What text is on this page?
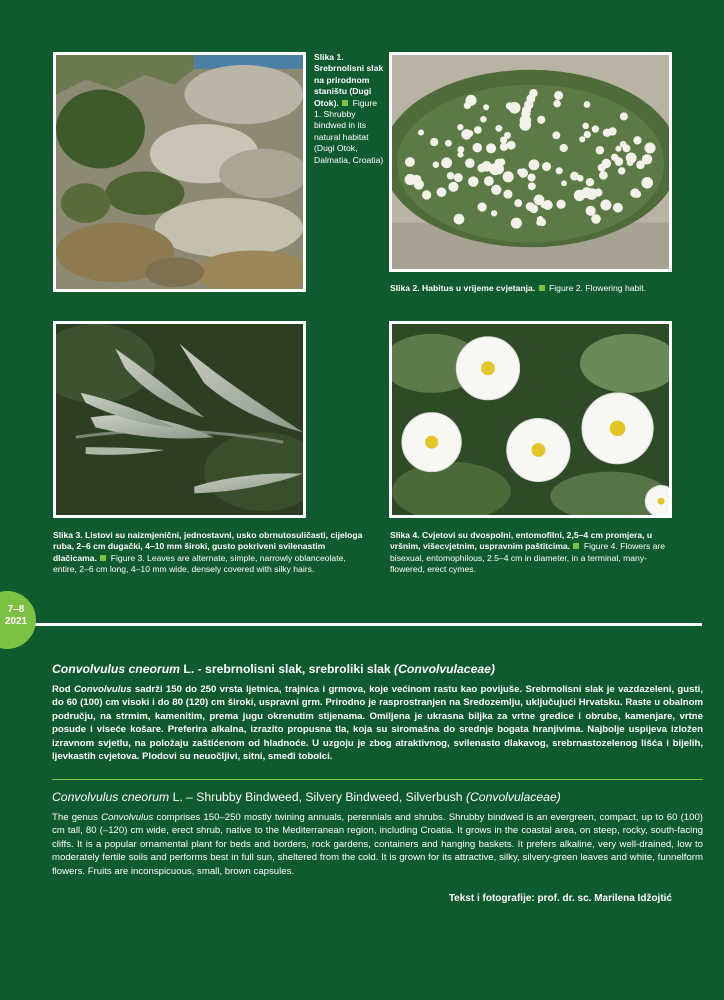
Slika 1. Srebrnolisni slak na prirodnom staništu (Dugi Otok). Figure 1. Shrubby bindwed in its natural habitat (Dugi Otok, Dalmatia, Croatia)
Slika 2. Habitus u vrijeme cvjetanja. Figure 2. Flowering habit.
Slika 3. Listovi su naizmjenični, jednostavni, usko obrnutosuličasti, cijeloga ruba, 2–6 cm dugački, 4–10 mm široki, gusto pokriveni svilenastim dlačicama. Figure 3. Leaves are alternate, simple, narrowly oblanceolate, entire, 2–6 cm long, 4–10 mm wide, densely covered with silky hairs.
Slika 4. Cvjetovi su dvospolni, entomofilni, 2,5–4 cm promjera, u vršnim, višecvjetnim, uspravnim paštitcima. Figure 4. Flowers are bisexual, entomophilous, 2.5–4 cm in diameter, in a terminal, many-flowered, erect cymes.
7–8
2021
Convolvulus cneorum L. - srebrnolisni slak, srebroliki slak (Convolvulaceae)
Rod Convolvulus sadrži 150 do 250 vrsta ljetnica, trajnica i grmova, koje većinom rastu kao povijuše. Srebrnolisni slak je vazdazeleni, gusti, do 60 (100) cm visoki i do 80 (120) cm široki, uspravni grm. Prirodno je rasprostranjen na Sredozemlju, uključujući Hrvatsku. Raste u obalnom području, na strmim, kamenitim, prema jugu okrenutim stijenama. Omiljena je ukrasna biljka za vrtne gredice i obrube, kamenjare, vrtne posude i viseće košare. Preferira alkalna, izrazito propusna tla, koja su siromašna do srednje bogata hranjivima. Najbolje uspijeva izložen izravnom svjetlu, na položaju zaštićenom od hladnoće. U uzgoju je zbog atraktivnog, svilenasto dlakavog, srebrnastozelenog lišća i bijelih, ljevkastih cvjetova. Plodovi su neuočljivi, sitni, smeđi tobolci.
Convolvulus cneorum L. – Shrubby Bindweed, Silvery Bindweed, Silverbush (Convolvulaceae)
The genus Convolvulus comprises 150–250 mostly twining annuals, perennials and shrubs. Shrubby bindwed is an evergreen, compact, up to 60 (100) cm tall, 80 (–120) cm wide, erect shrub, native to the Mediterranean region, including Croatia. It grows in the coastal area, on steep, rocky, south-facing cliffs. It is a popular ornamental plant for beds and borders, rock gardens, containers and hanging baskets. It prefers alkaline, very well-drained, low to moderately fertile soils and performs best in full sun, sheltered from the cold. It is grown for its attractive, silky, silvery-green leaves and white, funnelform flowers. Fruits are inconspicuous, small, brown capsules.
Tekst i fotografije: prof. dr. sc. Marilena Idžojtić
